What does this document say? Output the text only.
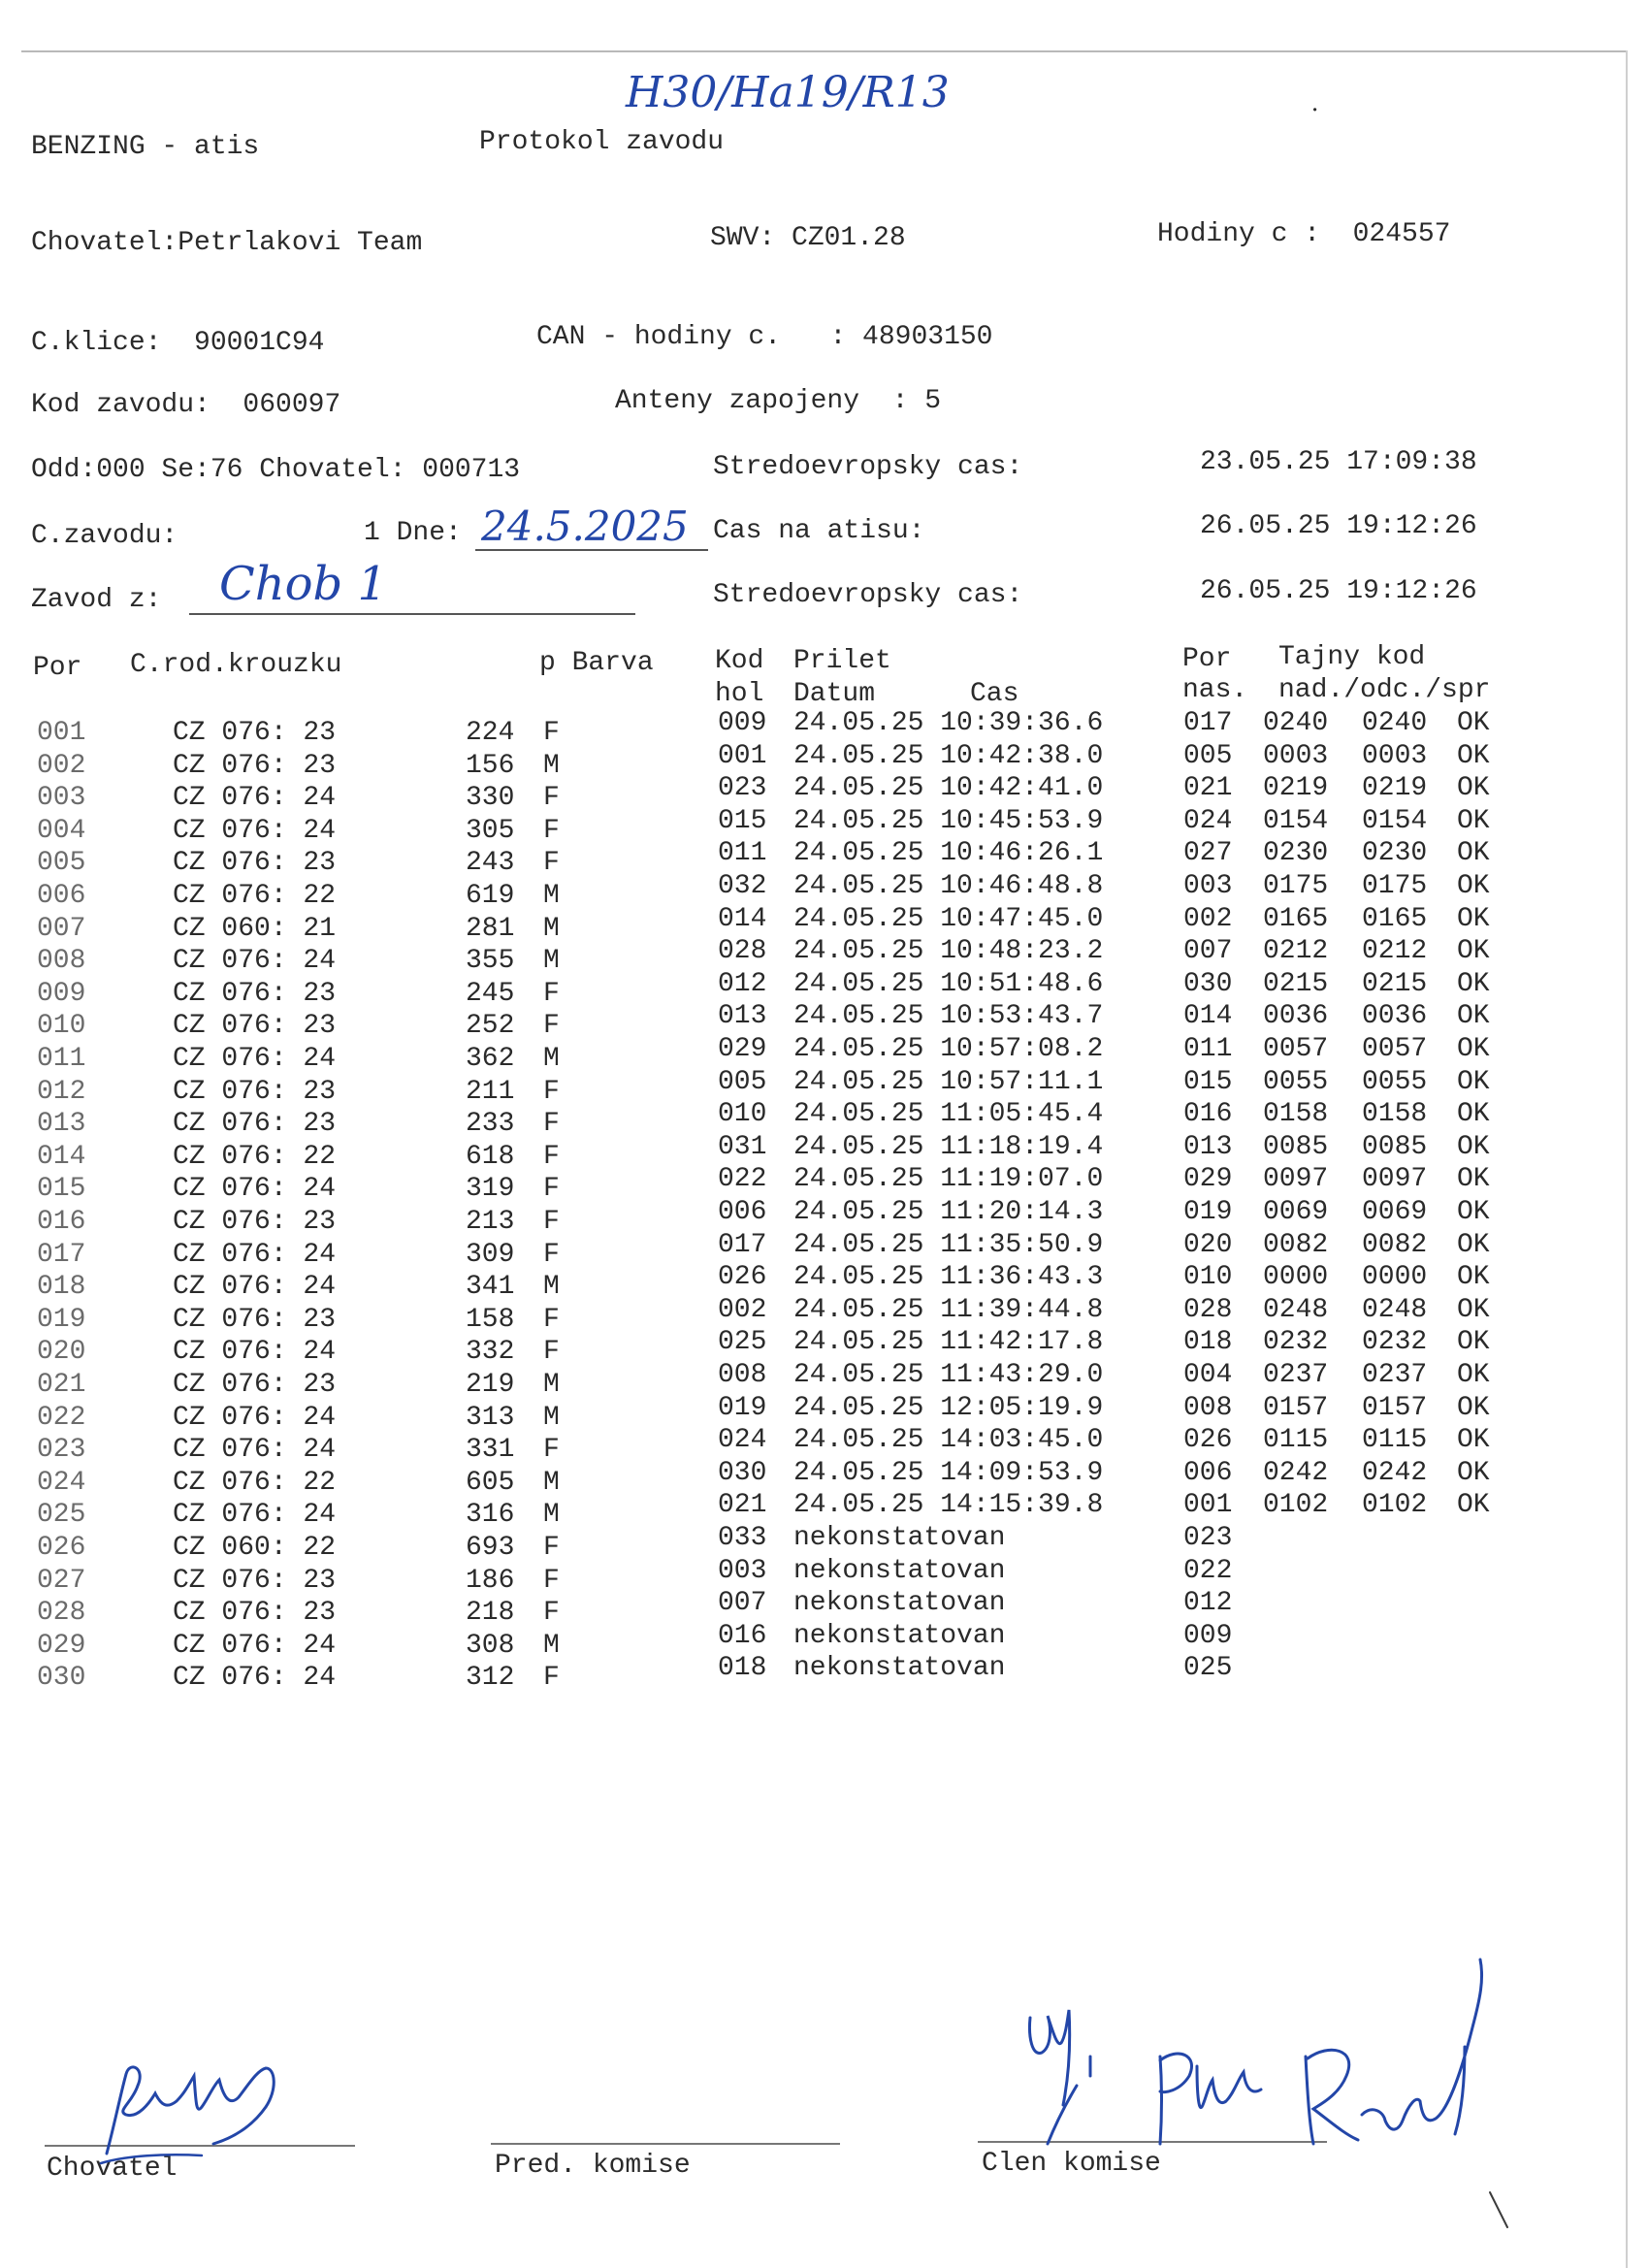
H30/Ha19/R13	•
BENZING - atis	Protokol zavodu
Chovatel:Petrlakovi Team	SWV: CZ01.28	Hodiny c :  024557
C.klice:  90001C94	CAN - hodiny c.   : 48903150
Kod zavodu:  060097	Anteny zapojeny  : 5
Odd:000 Se:76 Chovatel: 000713	Stredoevropsky cas:	23.05.25 17:09:38
C.zavodu:	1 Dne: 24.5.2025 Cas na atisu:	26.05.25 19:12:26
Zavod z: Chob 1	Stredoevropsky cas:	26.05.25 19:12:26
Por C.rod.krouzku	p Barva Kod Prilet	Por Tajny kod
hol Datum	Cas	nas. nad./odc./spr
001	CZ 076: 23	224 F	009 24.05.25 10:39:36.6	017 0240 0240 OK
002	CZ 076: 23	156 M	001 24.05.25 10:42:38.0	005 0003 0003 OK
003	CZ 076: 24	330 F	023 24.05.25 10:42:41.0	021 0219 0219 OK
004	CZ 076: 24	305 F	015 24.05.25 10:45:53.9	024 0154 0154 OK
005	CZ 076: 23	243 F	011 24.05.25 10:46:26.1	027 0230 0230 OK
006	CZ 076: 22	619 M	032 24.05.25 10:46:48.8	003 0175 0175 OK
007	CZ 060: 21	281 M	014 24.05.25 10:47:45.0	002 0165 0165 OK
008	CZ 076: 24	355 M	028 24.05.25 10:48:23.2	007 0212 0212 OK
009	CZ 076: 23	245 F	012 24.05.25 10:51:48.6	030 0215 0215 OK
010	CZ 076: 23	252 F	013 24.05.25 10:53:43.7	014 0036 0036 OK
011	CZ 076: 24	362 M	029 24.05.25 10:57:08.2	011 0057 0057 OK
012	CZ 076: 23	211 F	005 24.05.25 10:57:11.1	015 0055 0055 OK
013	CZ 076: 23	233 F	010 24.05.25 11:05:45.4	016 0158 0158 OK
014	CZ 076: 22	618 F	031 24.05.25 11:18:19.4	013 0085 0085 OK
015	CZ 076: 24	319 F	022 24.05.25 11:19:07.0	029 0097 0097 OK
016	CZ 076: 23	213 F	006 24.05.25 11:20:14.3	019 0069 0069 OK
017	CZ 076: 24	309 F	017 24.05.25 11:35:50.9	020 0082 0082 OK
018	CZ 076: 24	341 M	026 24.05.25 11:36:43.3	010 0000 0000 OK
019	CZ 076: 23	158 F	002 24.05.25 11:39:44.8	028 0248 0248 OK
020	CZ 076: 24	332 F	025 24.05.25 11:42:17.8	018 0232 0232 OK
021	CZ 076: 23	219 M	008 24.05.25 11:43:29.0	004 0237 0237 OK
022	CZ 076: 24	313 M	019 24.05.25 12:05:19.9	008 0157 0157 OK
023	CZ 076: 24	331 F	024 24.05.25 14:03:45.0	026 0115 0115 OK
024	CZ 076: 22	605 M	030 24.05.25 14:09:53.9	006 0242 0242 OK
025	CZ 076: 24	316 M	021 24.05.25 14:15:39.8	001 0102 0102 OK
026	CZ 060: 22	693 F	033 nekonstatovan	023
027	CZ 076: 23	186 F	003 nekonstatovan	022
028	CZ 076: 23	218 F	007 nekonstatovan	012
029	CZ 076: 24	308 M	016 nekonstatovan	009
030	CZ 076: 24	312 F	018 nekonstatovan	025
Chovatel	Pred. komise	Clen komise
